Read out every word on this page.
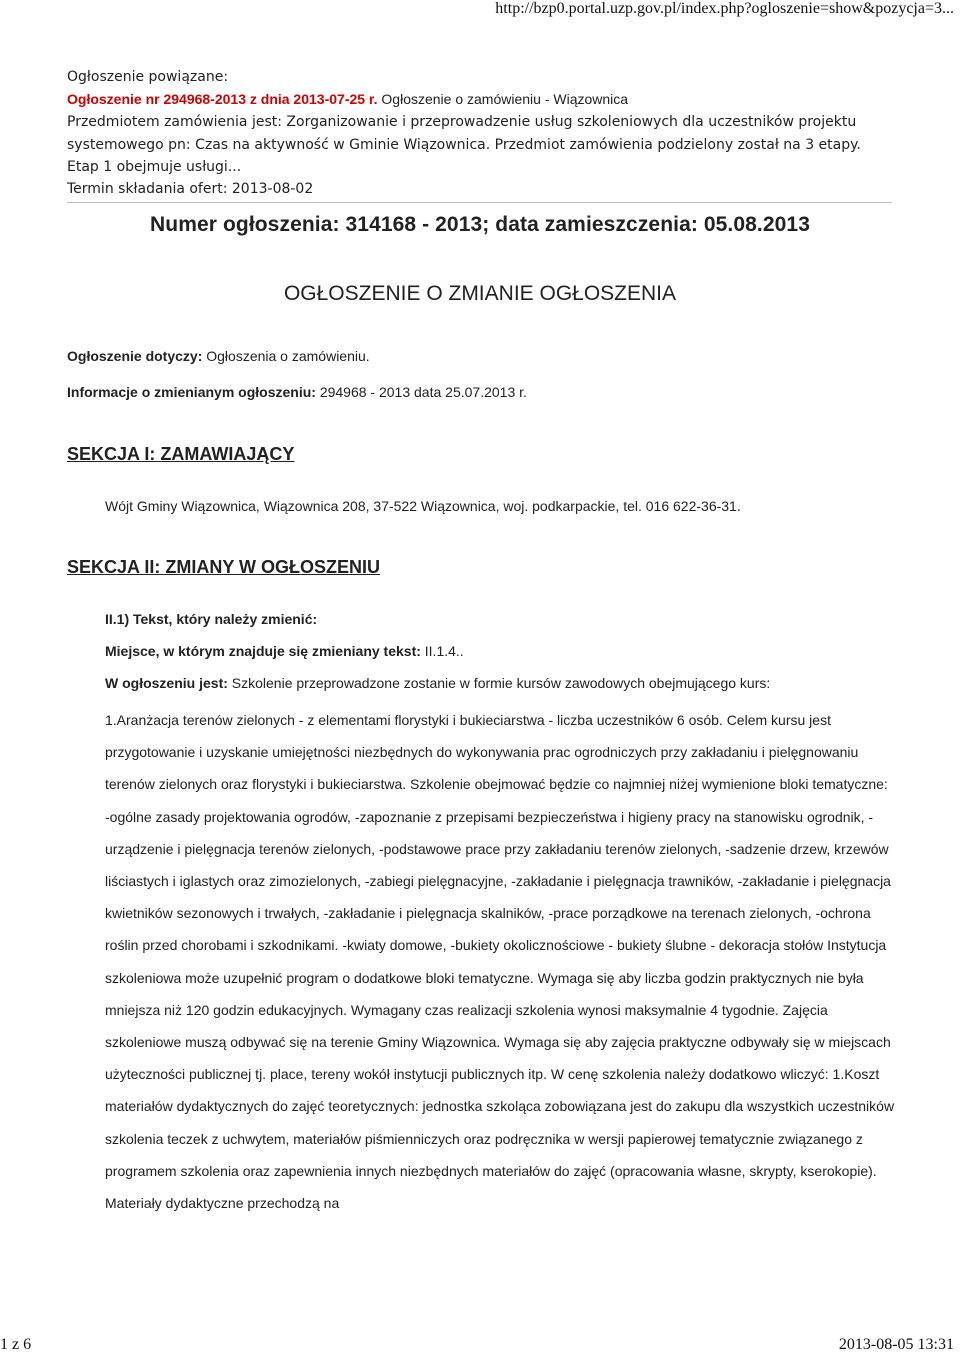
http://bzp0.portal.uzp.gov.pl/index.php?ogloszenie=show&pozycja=3...

Ogłoszenie powiązane:

Ogłoszenie nr 294968-2013 z dnia 2013-07-25 r. Ogłoszenie o zamówieniu - Wiązownica

Przedmiotem zamówienia jest: Zorganizowanie i przeprowadzenie usług szkoleniowych dla uczestników projektu systemowego pn: Czas na aktywność w Gminie Wiązownica. Przedmiot zamówienia podzielony został na 3 etapy. Etap 1 obejmuje usługi...

Termin składania ofert: 2013-08-02

Numer ogłoszenia: 314168 - 2013; data zamieszczenia: 05.08.2013
OGŁOSZENIE O ZMIANIE OGŁOSZENIA
Ogłoszenie dotyczy: Ogłoszenia o zamówieniu.
Informacje o zmienianym ogłoszeniu: 294968 - 2013 data 25.07.2013 r.
SEKCJA I: ZAMAWIAJĄCY
Wójt Gminy Wiązownica, Wiązownica 208, 37-522 Wiązownica, woj. podkarpackie, tel. 016 622-36-31.
SEKCJA II: ZMIANY W OGŁOSZENIU
II.1) Tekst, który należy zmienić:
Miejsce, w którym znajduje się zmieniany tekst: II.1.4..
W ogłoszeniu jest: Szkolenie przeprowadzone zostanie w formie kursów zawodowych obejmującego kurs:

1.Aranżacja terenów zielonych - z elementami florystyki i bukieciarstwa - liczba uczestników 6 osób. Celem kursu jest przygotowanie i uzyskanie umiejętności niezbędnych do wykonywania prac ogrodniczych przy zakładaniu i pielęgnowaniu terenów zielonych oraz florystyki i bukieciarstwa. Szkolenie obejmować będzie co najmniej niżej wymienione bloki tematyczne: -ogólne zasady projektowania ogrodów, -zapoznanie z przepisami bezpieczeństwa i higieny pracy na stanowisku ogrodnik, -urządzenie i pielęgnacja terenów zielonych, -podstawowe prace przy zakładaniu terenów zielonych, -sadzenie drzew, krzewów liściastych i iglastych oraz zimozielonych, -zabiegi pielęgnacyjne, -zakładanie i pielęgnacja trawników, -zakładanie i pielęgnacja kwietników sezonowych i trwałych, -zakładanie i pielęgnacja skalników, -prace porządkowe na terenach zielonych, -ochrona roślin przed chorobami i szkodnikami. -kwiaty domowe, -bukiety okolicznościowe - bukiety ślubne - dekoracja stołów Instytucja szkoleniowa może uzupełnić program o dodatkowe bloki tematyczne. Wymaga się aby liczba godzin praktycznych nie była mniejsza niż 120 godzin edukacyjnych. Wymagany czas realizacji szkolenia wynosi maksymalnie 4 tygodnie. Zajęcia szkoleniowe muszą odbywać się na terenie Gminy Wiązownica. Wymaga się aby zajęcia praktyczne odbywały się w miejscach użyteczności publicznej tj. place, tereny wokół instytucji publicznych itp. W cenę szkolenia należy dodatkowo wliczyć: 1.Koszt materiałów dydaktycznych do zajęć teoretycznych: jednostka szkoląca zobowiązana jest do zakupu dla wszystkich uczestników szkolenia teczek z uchwytem, materiałów piśmienniczych oraz podręcznika w wersji papierowej tematycznie związanego z programem szkolenia oraz zapewnienia innych niezbędnych materiałów do zajęć (opracowania własne, skrypty, kserokopie). Materiały dydaktyczne przechodzą na

1 z 6	2013-08-05 13:31
